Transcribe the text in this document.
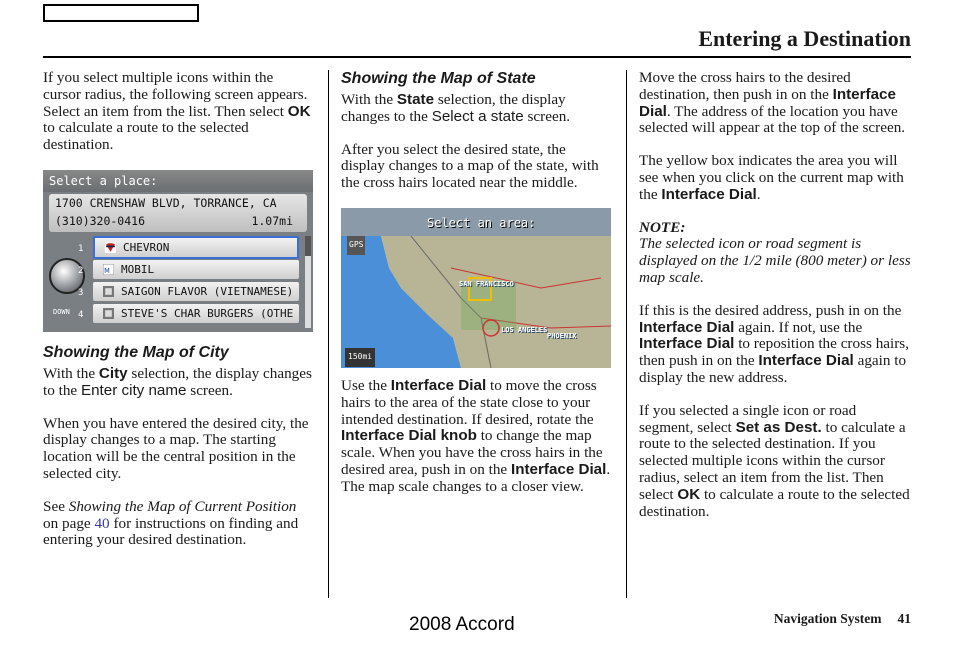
Entering a Destination

If you select multiple icons within the cursor radius, the following screen appears. Select an item from the list. Then select OK to calculate a route to the selected destination.

Select a place:
1700 CRENSHAW BLVD, TORRANCE, CA
(310)320-0416	1.07mi
DOWN
1	CHEVRON
2	M MOBIL
3	SAIGON FLAVOR (VIETNAMESE)
4	STEVE'S CHAR BURGERS (OTHE
Showing the Map of City

With the City selection, the display changes to the Enter city name screen.

When you have entered the desired city, the display changes to a map. The starting location will be the central position in the selected city.

See Showing the Map of Current Position on page 40 for instructions on finding and entering your desired destination.

Showing the Map of State

With the State selection, the display changes to the Select a state screen.

After you select the desired state, the display changes to a map of the state, with the cross hairs located near the middle.

Select an area:
GPS
SAN FRANCISCO
LOS ANGELES
PHOENIX
150mi

Use the Interface Dial to move the cross hairs to the area of the state close to your intended destination. If desired, rotate the Interface Dial knob to change the map scale. When you have the cross hairs in the desired area, push in on the Interface Dial. The map scale changes to a closer view.

Move the cross hairs to the desired destination, then push in on the Interface Dial. The address of the location you have selected will appear at the top of the screen.

The yellow box indicates the area you will see when you click on the current map with the Interface Dial.

NOTE:

The selected icon or road segment is displayed on the 1/2 mile (800 meter) or less map scale.

If this is the desired address, push in on the Interface Dial again. If not, use the Interface Dial to reposition the cross hairs, then push in on the Interface Dial again to display the new address.

If you selected a single icon or road segment, select Set as Dest. to calculate a route to the selected destination. If you selected multiple icons within the cursor radius, select an item from the list. Then select OK to calculate a route to the selected destination.

2008 Accord	Navigation System 41
